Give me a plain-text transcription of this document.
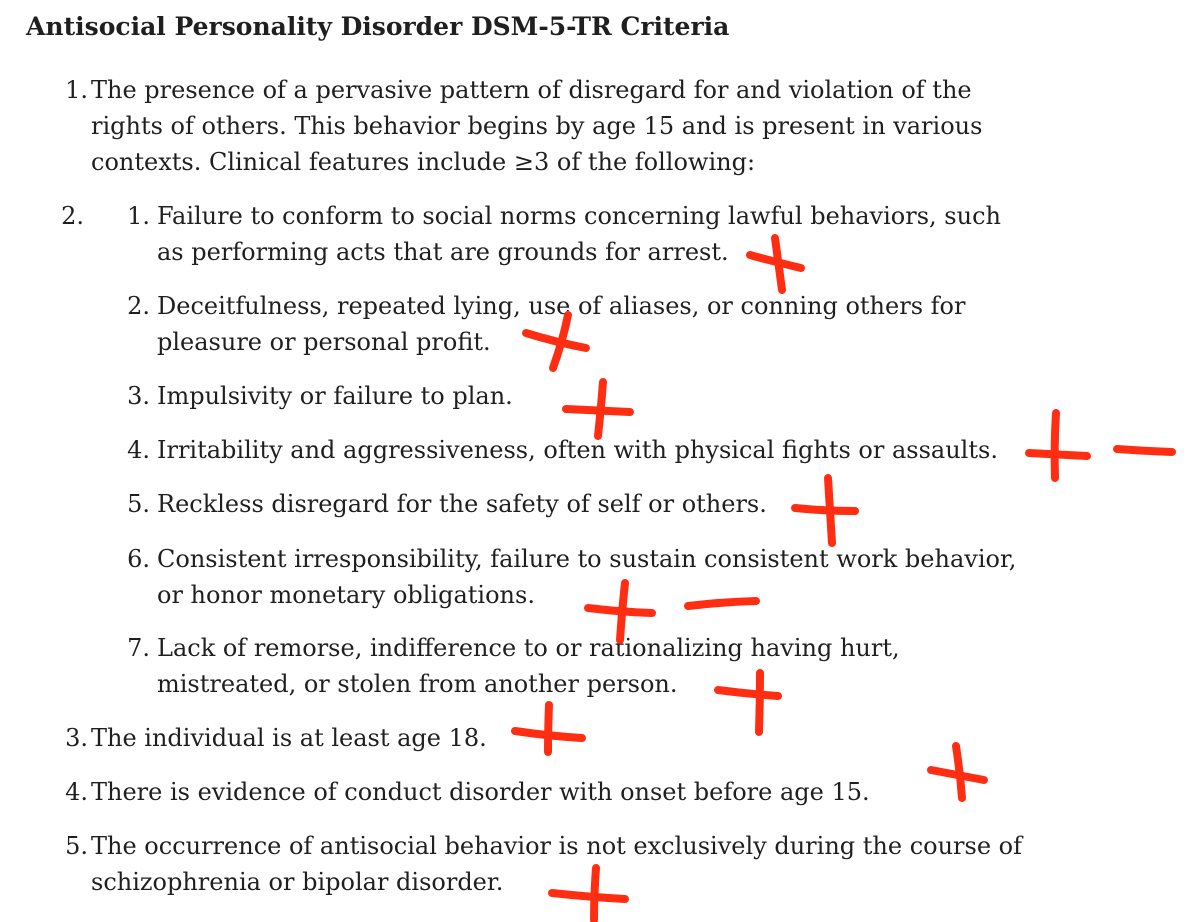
Antisocial Personality Disorder DSM-5-TR Criteria
1. The presence of a pervasive pattern of disregard for and violation of the
rights of others. This behavior begins by age 15 and is present in various
contexts. Clinical features include ≥3 of the following:
2.	1. Failure to conform to social norms concerning lawful behaviors, such
as performing acts that are grounds for arrest.
2. Deceitfulness, repeated lying, use of aliases, or conning others for
pleasure or personal profit.
3. Impulsivity or failure to plan.
4. Irritability and aggressiveness, often with physical fights or assaults.
5. Reckless disregard for the safety of self or others.
6. Consistent irresponsibility, failure to sustain consistent work behavior,
or honor monetary obligations.
7. Lack of remorse, indifference to or rationalizing having hurt,
mistreated, or stolen from another person.
3. The individual is at least age 18.
4. There is evidence of conduct disorder with onset before age 15.
5. The occurrence of antisocial behavior is not exclusively during the course of
schizophrenia or bipolar disorder.
